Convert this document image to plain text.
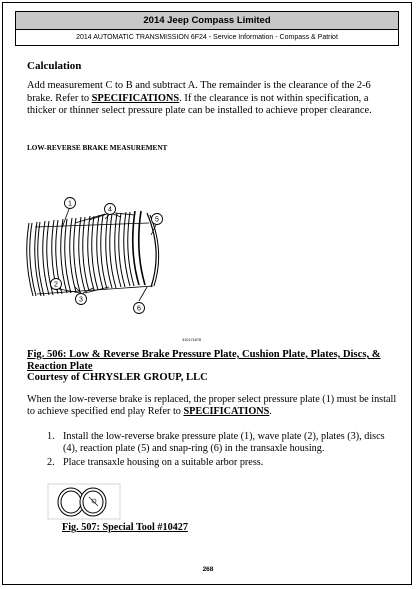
2014 Jeep Compass Limited
2014 AUTOMATIC TRANSMISSION 6F24 - Service Information - Compass & Patriot
Calculation
Add measurement C to B and subtract A. The remainder is the clearance of the 2-6 brake. Refer to SPECIFICATIONS. If the clearance is not within specification, a thicker or thinner select pressure plate can be installed to achieve proper clearance.
LOW-REVERSE BRAKE MEASUREMENT
1
4
5
2
3
6
310171878
Fig. 506: Low & Reverse Brake Pressure Plate, Cushion Plate, Plates, Discs, & Reaction Plate
Courtesy of CHRYSLER GROUP, LLC
When the low-reverse brake is replaced, the proper select pressure plate (1) must be install to achieve specified end play Refer to SPECIFICATIONS.
1. Install the low-reverse brake pressure plate (1), wave plate (2), plates (3), discs (4), reaction plate (5) and snap-ring (6) in the transaxle housing.
2. Place transaxle housing on a suitable arbor press.
Fig. 507: Special Tool #10427
268
